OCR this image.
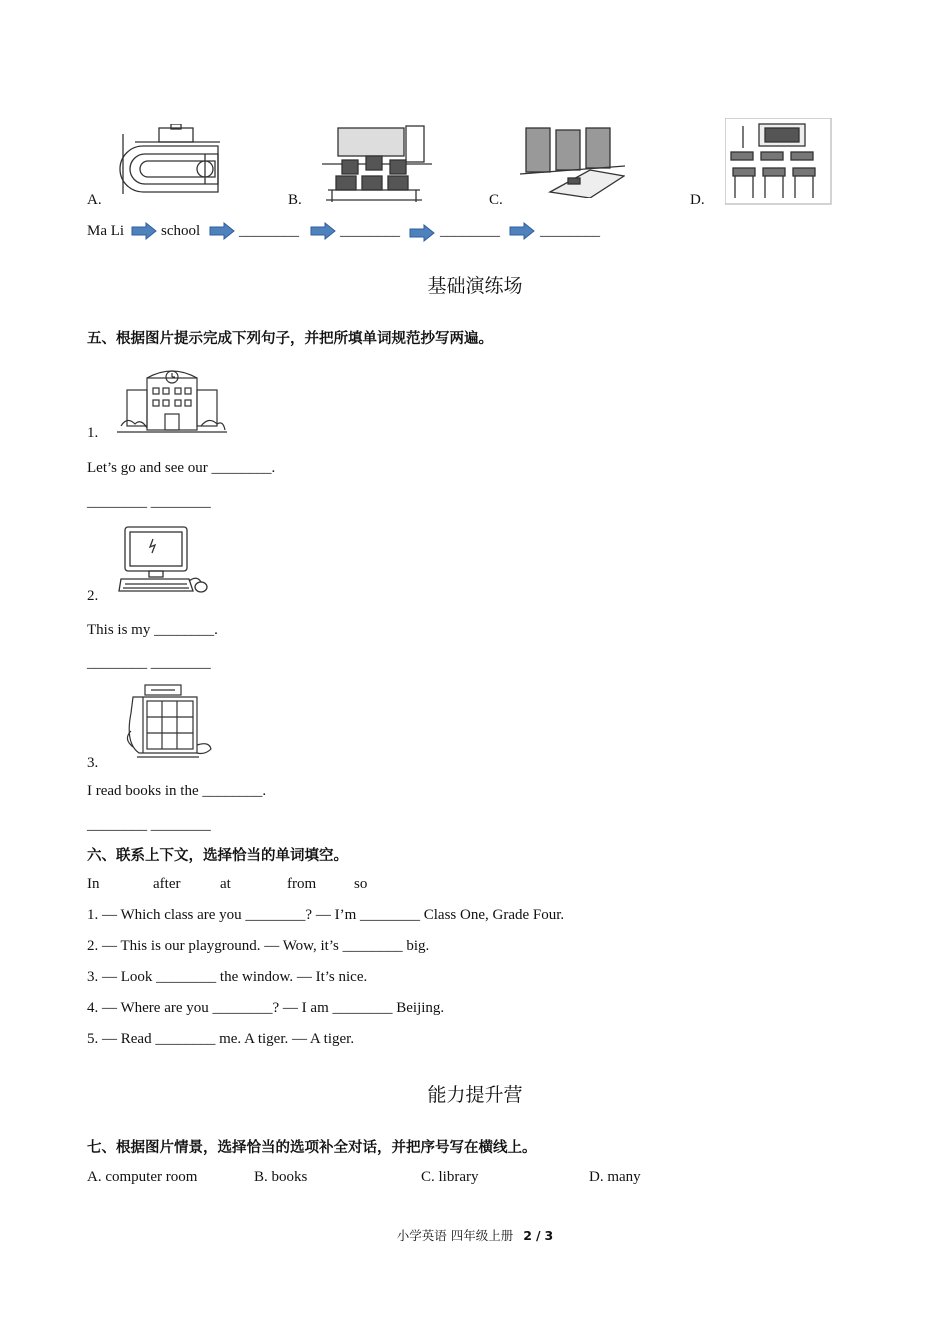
A.	B.	C.	D.
Ma Li school	________	________	________	________
基础演练场
五、根据图片提示完成下列句子，并把所填单词规范抄写两遍。
1.
Let’s go and see our ________.
________ ________
2.
This is my ________.
________ ________
3.
I read books in the ________.
________ ________
六、联系上下文，选择恰当的单词填空。
In	after	at	from	so
1. — Which class are you ________? — I’m ________ Class One, Grade Four.
2. — This is our playground. — Wow, it’s ________ big.
3. — Look ________ the window. — It’s nice.
4. — Where are you ________? — I am ________ Beijing.
5. — Read ________ me. A tiger. — A tiger.
能力提升营
七、根据图片情景，选择恰当的选项补全对话，并把序号写在横线上。
A. computer room	B. books	C. library	D. many
小学英语 四年级上册 2 / 3
